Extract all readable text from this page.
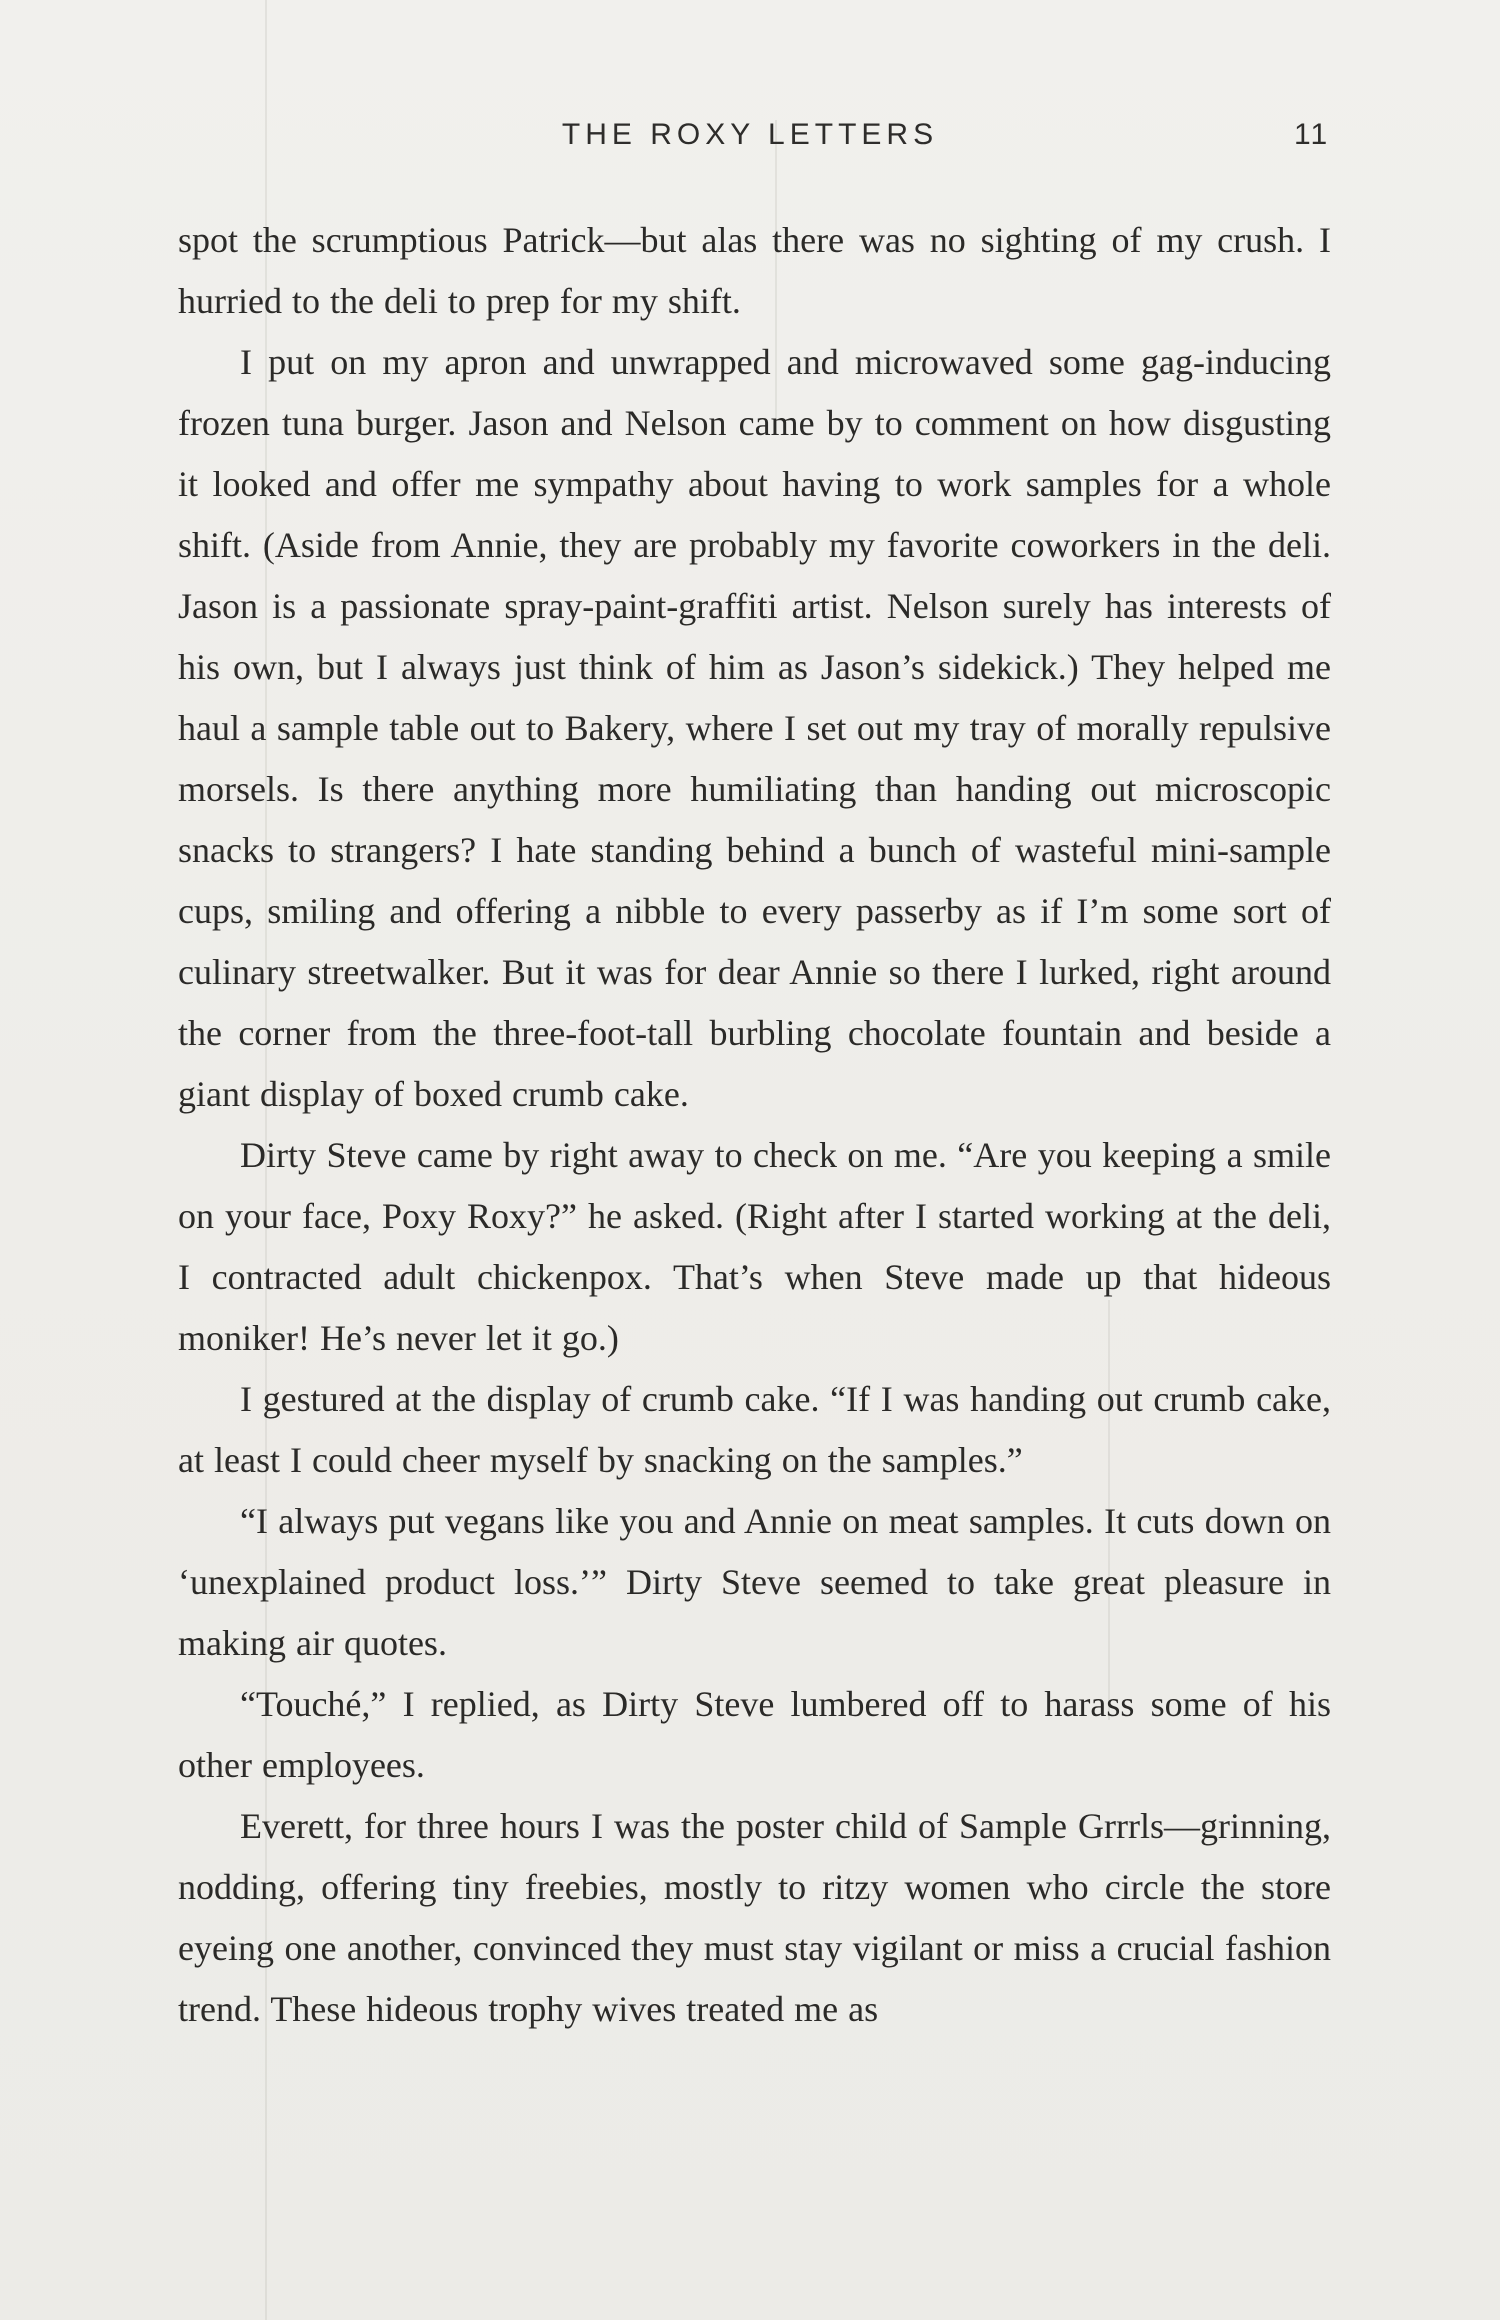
THE ROXY LETTERS	11

spot the scrumptious Patrick—but alas there was no sighting of my crush. I hurried to the deli to prep for my shift.

I put on my apron and unwrapped and microwaved some gag-inducing frozen tuna burger. Jason and Nelson came by to comment on how disgusting it looked and offer me sympathy about having to work samples for a whole shift. (Aside from Annie, they are probably my favorite coworkers in the deli. Jason is a passionate spray-paint-graffiti artist. Nelson surely has interests of his own, but I always just think of him as Jason’s sidekick.) They helped me haul a sample table out to Bakery, where I set out my tray of morally repulsive morsels. Is there anything more humiliating than handing out microscopic snacks to strangers? I hate standing behind a bunch of wasteful mini-sample cups, smiling and offering a nibble to every passerby as if I’m some sort of culinary streetwalker. But it was for dear Annie so there I lurked, right around the corner from the three-foot-tall burbling chocolate fountain and beside a giant display of boxed crumb cake.

Dirty Steve came by right away to check on me. “Are you keeping a smile on your face, Poxy Roxy?” he asked. (Right after I started working at the deli, I contracted adult chickenpox. That’s when Steve made up that hideous moniker! He’s never let it go.)

I gestured at the display of crumb cake. “If I was handing out crumb cake, at least I could cheer myself by snacking on the samples.”

“I always put vegans like you and Annie on meat samples. It cuts down on ‘unexplained product loss.’” Dirty Steve seemed to take great pleasure in making air quotes.

“Touché,” I replied, as Dirty Steve lumbered off to harass some of his other employees.

Everett, for three hours I was the poster child of Sample Grrrls—grinning, nodding, offering tiny freebies, mostly to ritzy women who circle the store eyeing one another, convinced they must stay vigilant or miss a crucial fashion trend. These hideous trophy wives treated me as
